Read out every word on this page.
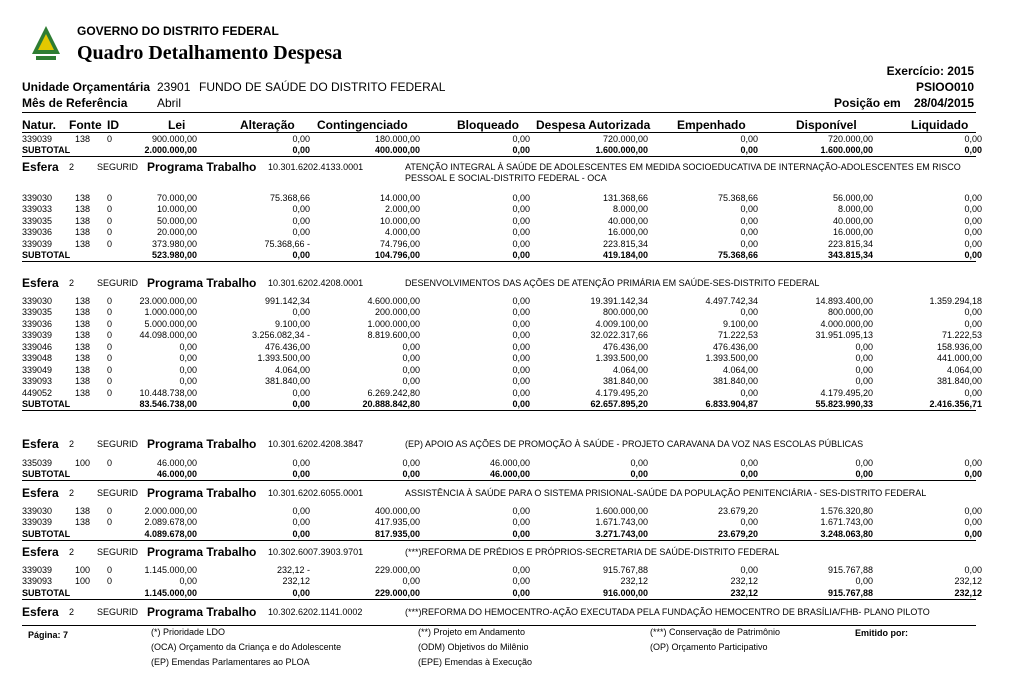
GOVERNO DO DISTRITO FEDERAL
Quadro Detalhamento Despesa
Exercício: 2015
PSIOO010
Unidade Orçamentária 23901 FUNDO DE SAÚDE DO DISTRITO FEDERAL
Mês de Referência Abril	Posição em 28/04/2015
Natur. Fonte ID	Lei	Alteração Contingenciado	Bloqueado Despesa Autorizada Empenhado	Disponível	Liquidado
339039	138 0	900.000,00	0,00	180.000,00	0,00	720.000,00	0,00	720.000,00	0,00
SUBTOTAL	2.000.000,00	0,00	400.000,00	0,00	1.600.000,00	0,00	1.600.000,00	0,00
Esfera 2	SEGURID Programa Trabalho 10.301.6202.4133.0001	ATENÇÃO INTEGRAL À SAÚDE DE ADOLESCENTES EM MEDIDA SOCIOEDUCATIVA DE INTERNAÇÃO-ADOLESCENTES EM RISCO PESSOAL E SOCIAL-DISTRITO FEDERAL - OCA
339030	138 0	70.000,00	75.368,66	14.000,00	0,00	131.368,66	75.368,66	56.000,00	0,00
339033	138 0	10.000,00	0,00	2.000,00	0,00	8.000,00	0,00	8.000,00	0,00
339035	138 0	50.000,00	0,00	10.000,00	0,00	40.000,00	0,00	40.000,00	0,00
339036	138 0	20.000,00	0,00	4.000,00	0,00	16.000,00	0,00	16.000,00	0,00
339039	138 0	373.980,00	75.368,66 -	74.796,00	0,00	223.815,34	0,00	223.815,34	0,00
SUBTOTAL	523.980,00	0,00	104.796,00	0,00	419.184,00	75.368,66	343.815,34	0,00
Esfera 2	SEGURID Programa Trabalho 10.301.6202.4208.0001	DESENVOLVIMENTOS DAS AÇÕES DE ATENÇÃO PRIMÁRIA EM SAÚDE-SES-DISTRITO FEDERAL
339030	138 0	23.000.000,00	991.142,34	4.600.000,00	0,00	19.391.142,34	4.497.742,34	14.893.400,00	1.359.294,18
339035	138 0	1.000.000,00	0,00	200.000,00	0,00	800.000,00	0,00	800.000,00	0,00
339036	138 0	5.000.000,00	9.100,00	1.000.000,00	0,00	4.009.100,00	9.100,00	4.000.000,00	0,00
339039	138 0	44.098.000,00	3.256.082,34 -	8.819.600,00	0,00	32.022.317,66	71.222,53	31.951.095,13	71.222,53
339046	138 0	0,00	476.436,00	0,00	0,00	476.436,00	476.436,00	0,00	158.936,00
339048	138 0	0,00	1.393.500,00	0,00	0,00	1.393.500,00	1.393.500,00	0,00	441.000,00
339049	138 0	0,00	4.064,00	0,00	0,00	4.064,00	4.064,00	0,00	4.064,00
339093	138 0	0,00	381.840,00	0,00	0,00	381.840,00	381.840,00	0,00	381.840,00
449052	138 0	10.448.738,00	0,00	6.269.242,80	0,00	4.179.495,20	0,00	4.179.495,20	0,00
SUBTOTAL	83.546.738,00	0,00	20.888.842,80	0,00	62.657.895,20	6.833.904,87	55.823.990,33	2.416.356,71
Esfera 2	SEGURID Programa Trabalho 10.301.6202.4208.3847	(EP) APOIO AS AÇÕES DE PROMOÇÃO À SAÚDE - PROJETO CARAVANA DA VOZ NAS ESCOLAS PÚBLICAS
335039	100 0	46.000,00	0,00	0,00	46.000,00	0,00	0,00	0,00	0,00
SUBTOTAL	46.000,00	0,00	0,00	46.000,00	0,00	0,00	0,00	0,00
Esfera 2	SEGURID Programa Trabalho 10.301.6202.6055.0001	ASSISTÊNCIA À SAÚDE PARA O SISTEMA PRISIONAL-SAÚDE DA POPULAÇÃO PENITENCIÁRIA - SES-DISTRITO FEDERAL
339030	138 0	2.000.000,00	0,00	400.000,00	0,00	1.600.000,00	23.679,20	1.576.320,80	0,00
339039	138 0	2.089.678,00	0,00	417.935,00	0,00	1.671.743,00	0,00	1.671.743,00	0,00
SUBTOTAL	4.089.678,00	0,00	817.935,00	0,00	3.271.743,00	23.679,20	3.248.063,80	0,00
Esfera 2	SEGURID Programa Trabalho 10.302.6007.3903.9701	(***)REFORMA DE PRÉDIOS E PRÓPRIOS-SECRETARIA DE SAÚDE-DISTRITO FEDERAL
339039	100 0	1.145.000,00	232,12 -	229.000,00	0,00	915.767,88	0,00	915.767,88	0,00
339093	100 0	0,00	232,12	0,00	0,00	232,12	232,12	0,00	232,12
SUBTOTAL	1.145.000,00	0,00	229.000,00	0,00	916.000,00	232,12	915.767,88	232,12
Esfera 2	SEGURID Programa Trabalho 10.302.6202.1141.0002	(***)REFORMA DO HEMOCENTRO-AÇÃO EXECUTADA PELA FUNDAÇÃO HEMOCENTRO DE BRASÍLIA/FHB- PLANO PILOTO
Página: 7	(*) Prioridade LDO	(**) Projeto em Andamento	(***) Conservação de Patrimônio	Emitido por:
(OCA) Orçamento da Criança e do Adolescente	(ODM) Objetivos do Milênio	(OP) Orçamento Participativo
(EP) Emendas Parlamentares ao PLOA	(EPE) Emendas à Execução
